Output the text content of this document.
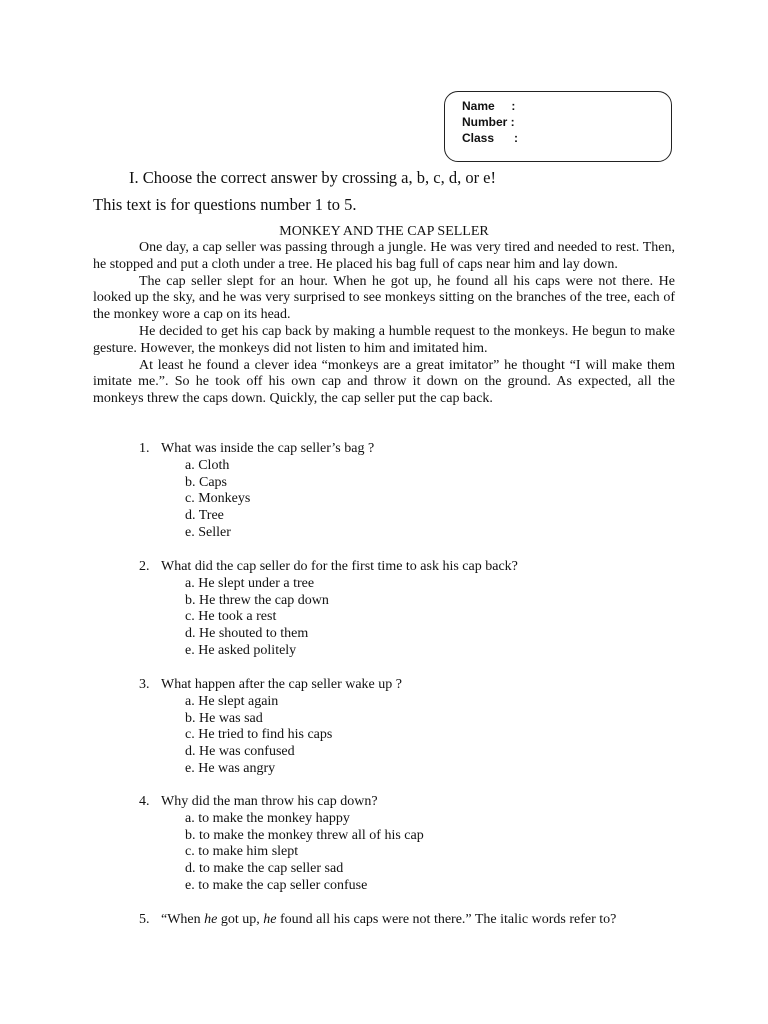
Name     :
Number :
Class      :
I. Choose the correct answer by crossing a, b, c, d, or e!
This text is for questions number 1 to 5.
MONKEY AND THE CAP SELLER

One day, a cap seller was passing through a jungle. He was very tired and needed to rest. Then, he stopped and put a cloth under a tree. He placed his bag full of caps near him and lay down.

The cap seller slept for an hour. When he got up, he found all his caps were not there. He looked up the sky, and he was very surprised to see monkeys sitting on the branches of the tree, each of the monkey wore a cap on its head.

He decided to get his cap back by making a humble request to the monkeys. He begun to make gesture. However, the monkeys did not listen to him and imitated him.

At least he found a clever idea “monkeys are a great imitator” he thought “I will make them imitate me.”. So he took off his own cap and throw it down on the ground. As expected, all the monkeys threw the caps down. Quickly, the cap seller put the cap back.

1. What was inside the cap seller’s bag ?
a. Cloth
b. Caps
c. Monkeys
d. Tree
e. Seller
2. What did the cap seller do for the first time to ask his cap back?
a. He slept under a tree
b. He threw the cap down
c. He took a rest
d. He shouted to them
e. He asked politely
3. What happen after the cap seller wake up ?
a. He slept again
b. He was sad
c. He tried to find his caps
d. He was confused
e. He was angry
4. Why did the man throw his cap down?
a. to make the monkey happy
b. to make the monkey threw all of his cap
c. to make him slept
d. to make the cap seller sad
e. to make the cap seller confuse
5. “When he got up, he found all his caps were not there.” The italic words refer to?
